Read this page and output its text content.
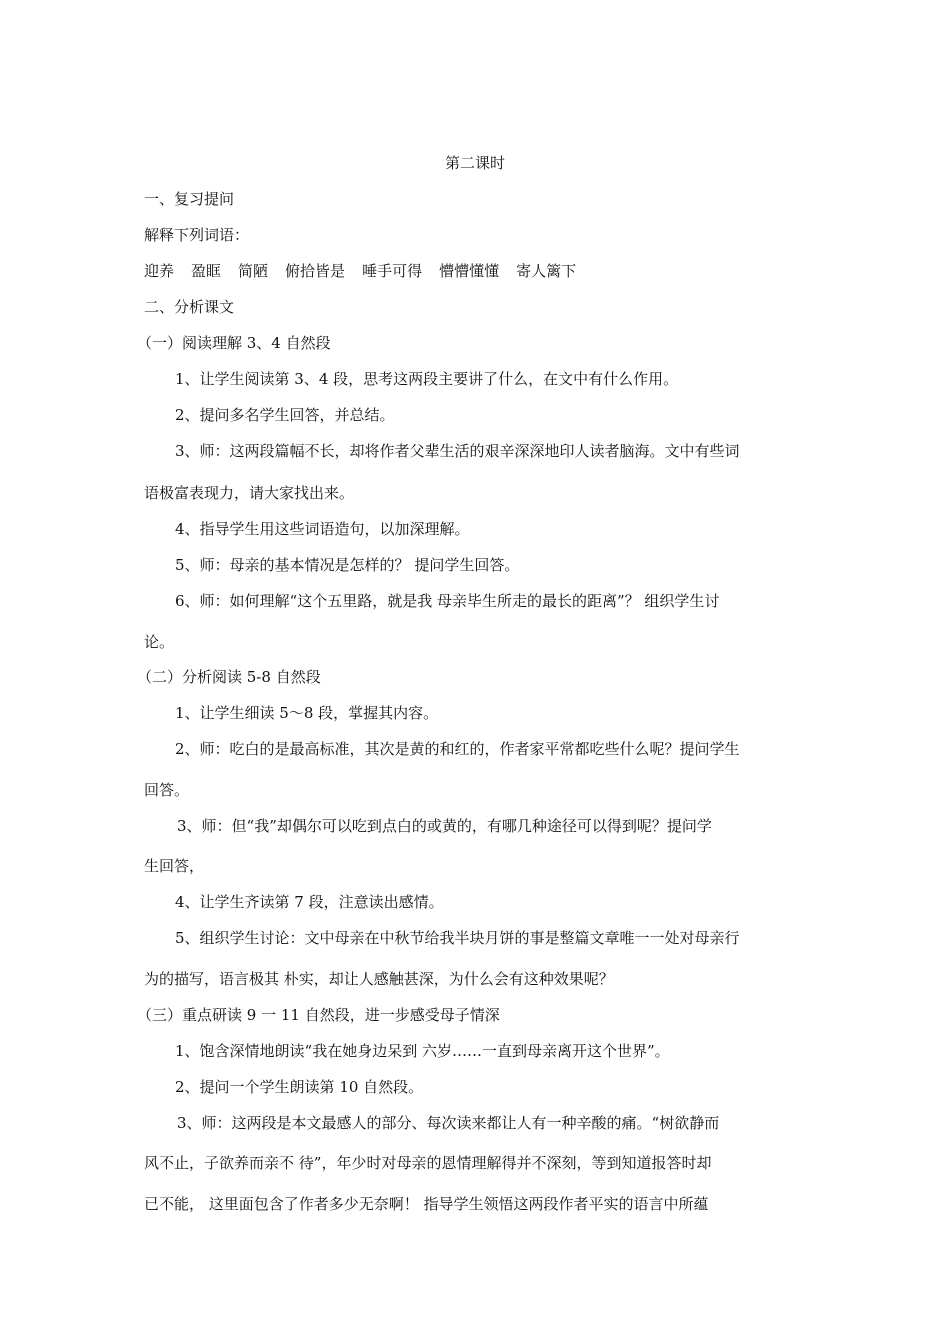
第二课时

一、复习提问

解释下列词语：

迎养 盈眶 简陋 俯拾皆是 唾手可得 懵懵懂懂 寄人篱下

二、分析课文

（一）阅读理解 3、4 自然段

1、让学生阅读第 3、4 段，思考这两段主要讲了什么，在文中有什么作用。

2、提问多名学生回答，并总结。

3、师：这两段篇幅不长，却将作者父辈生活的艰辛深深地印人读者脑海。文中有些词

语极富表现力，请大家找出来。

4、指导学生用这些词语造句，以加深理解。

5、师：母亲的基本情况是怎样的？ 提问学生回答。

6、师：如何理解“这个五里路，就是我 母亲毕生所走的最长的距离”？ 组织学生讨

论。

（二）分析阅读 5-8 自然段

1、让学生细读 5～8 段，掌握其内容。

2、师：吃白的是最高标准，其次是黄的和红的，作者家平常都吃些什么呢？提问学生

回答。

3、师：但“我”却偶尔可以吃到点白的或黄的，有哪几种途径可以得到呢？提问学

生回答，

4、让学生齐读第 7 段，注意读出感情。

5、组织学生讨论：文中母亲在中秋节给我半块月饼的事是整篇文章唯一一处对母亲行

为的描写，语言极其 朴实，却让人感触甚深，为什么会有这种效果呢？

（三）重点研读 9 一 11 自然段，进一步感受母子情深

1、饱含深情地朗读“我在她身边呆到 六岁……一直到母亲离开这个世界”。

2、提问一个学生朗读第 10 自然段。

3、师：这两段是本文最感人的部分、每次读来都让人有一种辛酸的痛。“树欲静而

风不止，子欲养而亲不 待”，年少时对母亲的恩情理解得并不深刻，等到知道报答时却

已不能， 这里面包含了作者多少无奈啊！ 指导学生领悟这两段作者平实的语言中所蕴
